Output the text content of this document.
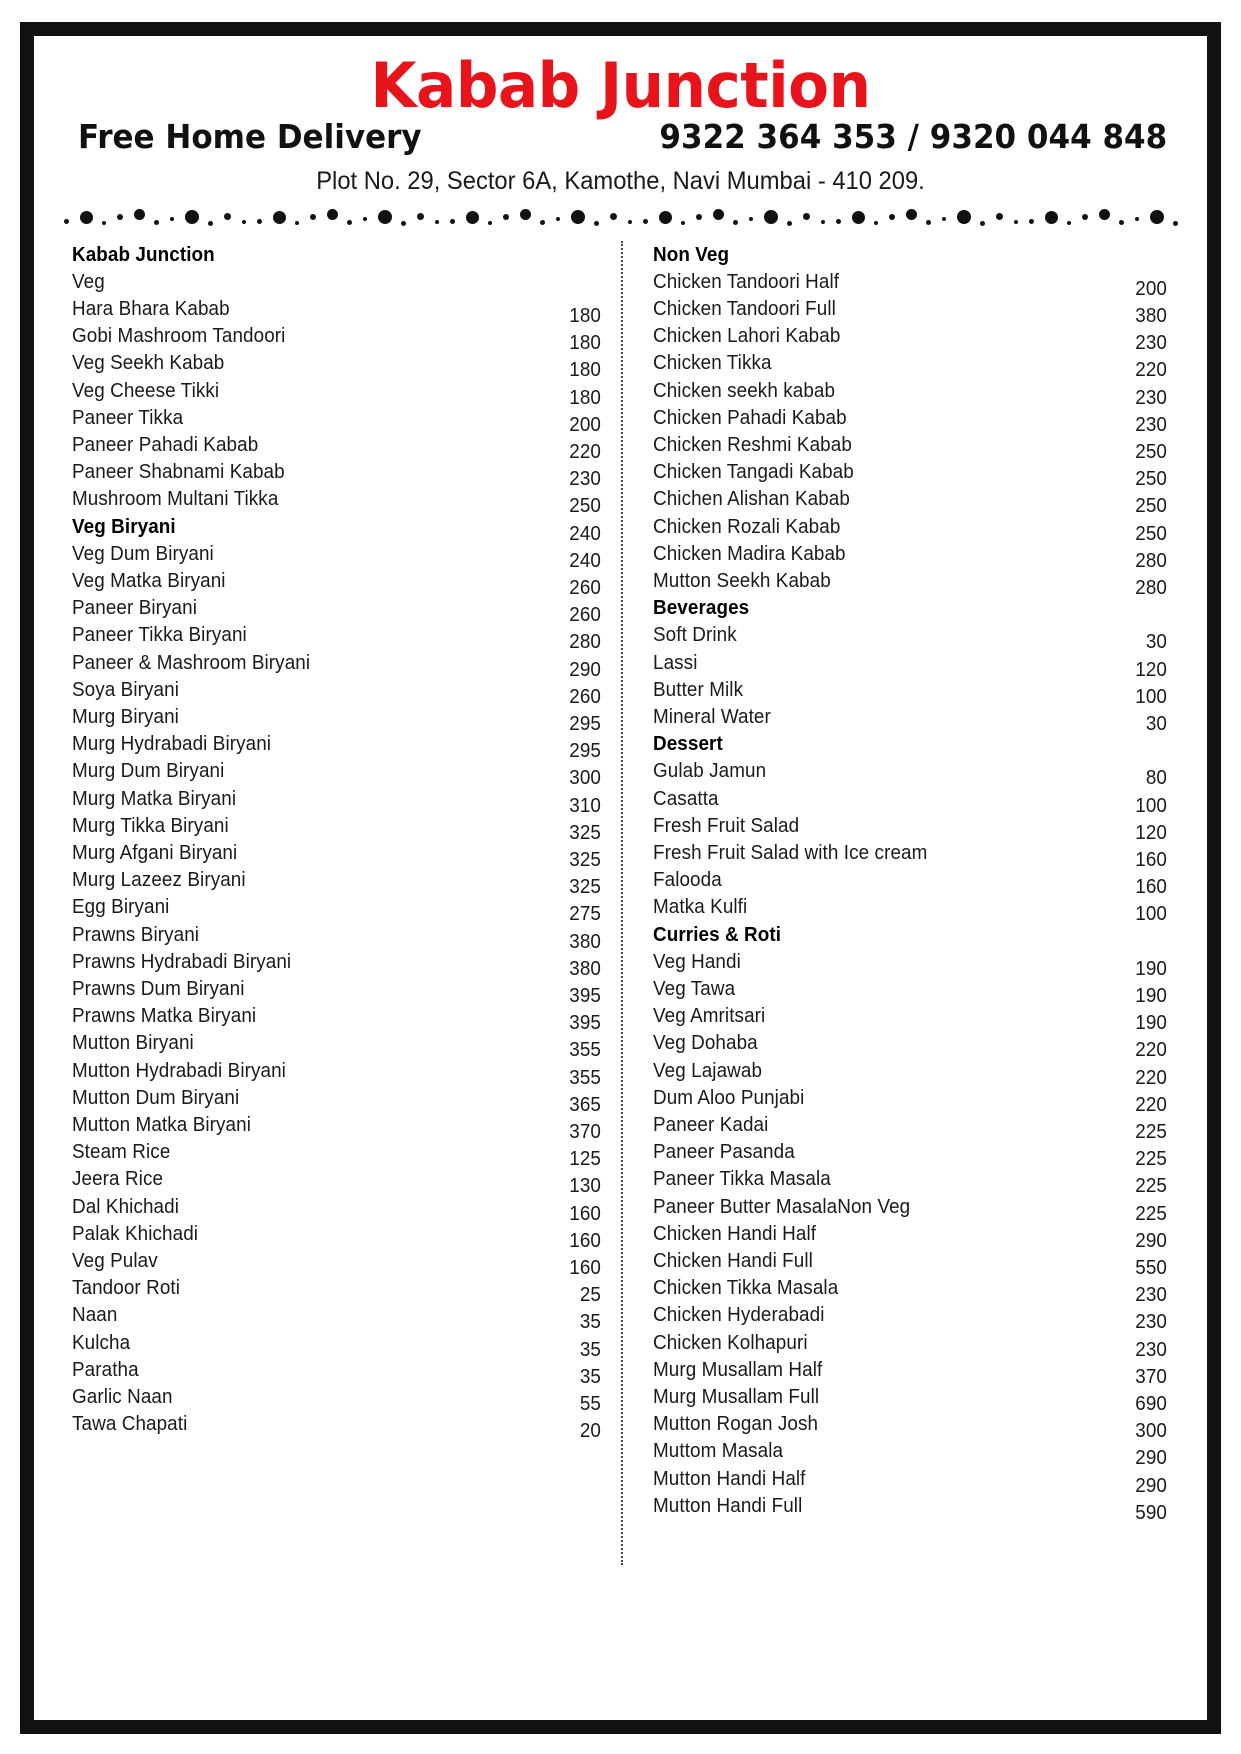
Kabab Junction
Free Home Delivery	9322 364 353 / 9320 044 848
Plot No. 29, Sector 6A, Kamothe, Navi Mumbai - 410 209.
Kabab Junction
Veg
Hara Bhara Kabab
Gobi Mashroom Tandoori
Veg Seekh Kabab
Veg Cheese Tikki
Paneer Tikka
Paneer Pahadi Kabab
Paneer Shabnami Kabab
Mushroom Multani Tikka
Veg Biryani
Veg Dum Biryani
Veg Matka Biryani
Paneer Biryani
Paneer Tikka Biryani
Paneer & Mashroom Biryani
Soya Biryani
Murg Biryani
Murg Hydrabadi Biryani
Murg Dum Biryani
Murg Matka Biryani
Murg Tikka Biryani
Murg Afgani Biryani
Murg Lazeez Biryani
Egg Biryani
Prawns Biryani
Prawns Hydrabadi Biryani
Prawns Dum Biryani
Prawns Matka Biryani
Mutton Biryani
Mutton Hydrabadi Biryani
Mutton Dum Biryani
Mutton Matka Biryani
Steam Rice
Jeera Rice
Dal Khichadi
Palak Khichadi
Veg Pulav
Tandoor Roti
Naan
Kulcha
Paratha
Garlic Naan
Tawa Chapati

180
180
180
180
200
220
230
250
240
240
260
260
280
290
260
295
295
300
310
325
325
325
275
380
380
395
395
355
355
365
370
125
130
160
160
160
25
35
35
35
55
20
Non Veg
Chicken Tandoori Half
Chicken Tandoori Full
Chicken Lahori Kabab
Chicken Tikka
Chicken seekh kabab
Chicken Pahadi Kabab
Chicken Reshmi Kabab
Chicken Tangadi Kabab
Chichen Alishan Kabab
Chicken Rozali Kabab
Chicken Madira Kabab
Mutton Seekh Kabab
Beverages
Soft Drink
Lassi
Butter Milk
Mineral Water
Dessert
Gulab Jamun
Casatta
Fresh Fruit Salad
Fresh Fruit Salad with Ice cream
Falooda
Matka Kulfi
Curries & Roti
Veg Handi
Veg Tawa
Veg Amritsari
Veg Dohaba
Veg Lajawab
Dum Aloo Punjabi
Paneer Kadai
Paneer Pasanda
Paneer Tikka Masala
Paneer Butter MasalaNon Veg
Chicken Handi Half
Chicken Handi Full
Chicken Tikka Masala
Chicken Hyderabadi
Chicken Kolhapuri
Murg Musallam Half
Murg Musallam Full
Mutton Rogan Josh
Muttom Masala
Mutton Handi Half
Mutton Handi Full

200
380
230
220
230
230
250
250
250
250
280
280

30
120
100
30

80
100
120
160
160
100

190
190
190
220
220
220
225
225
225
225
290
550
230
230
230
370
690
300
290
290
590
